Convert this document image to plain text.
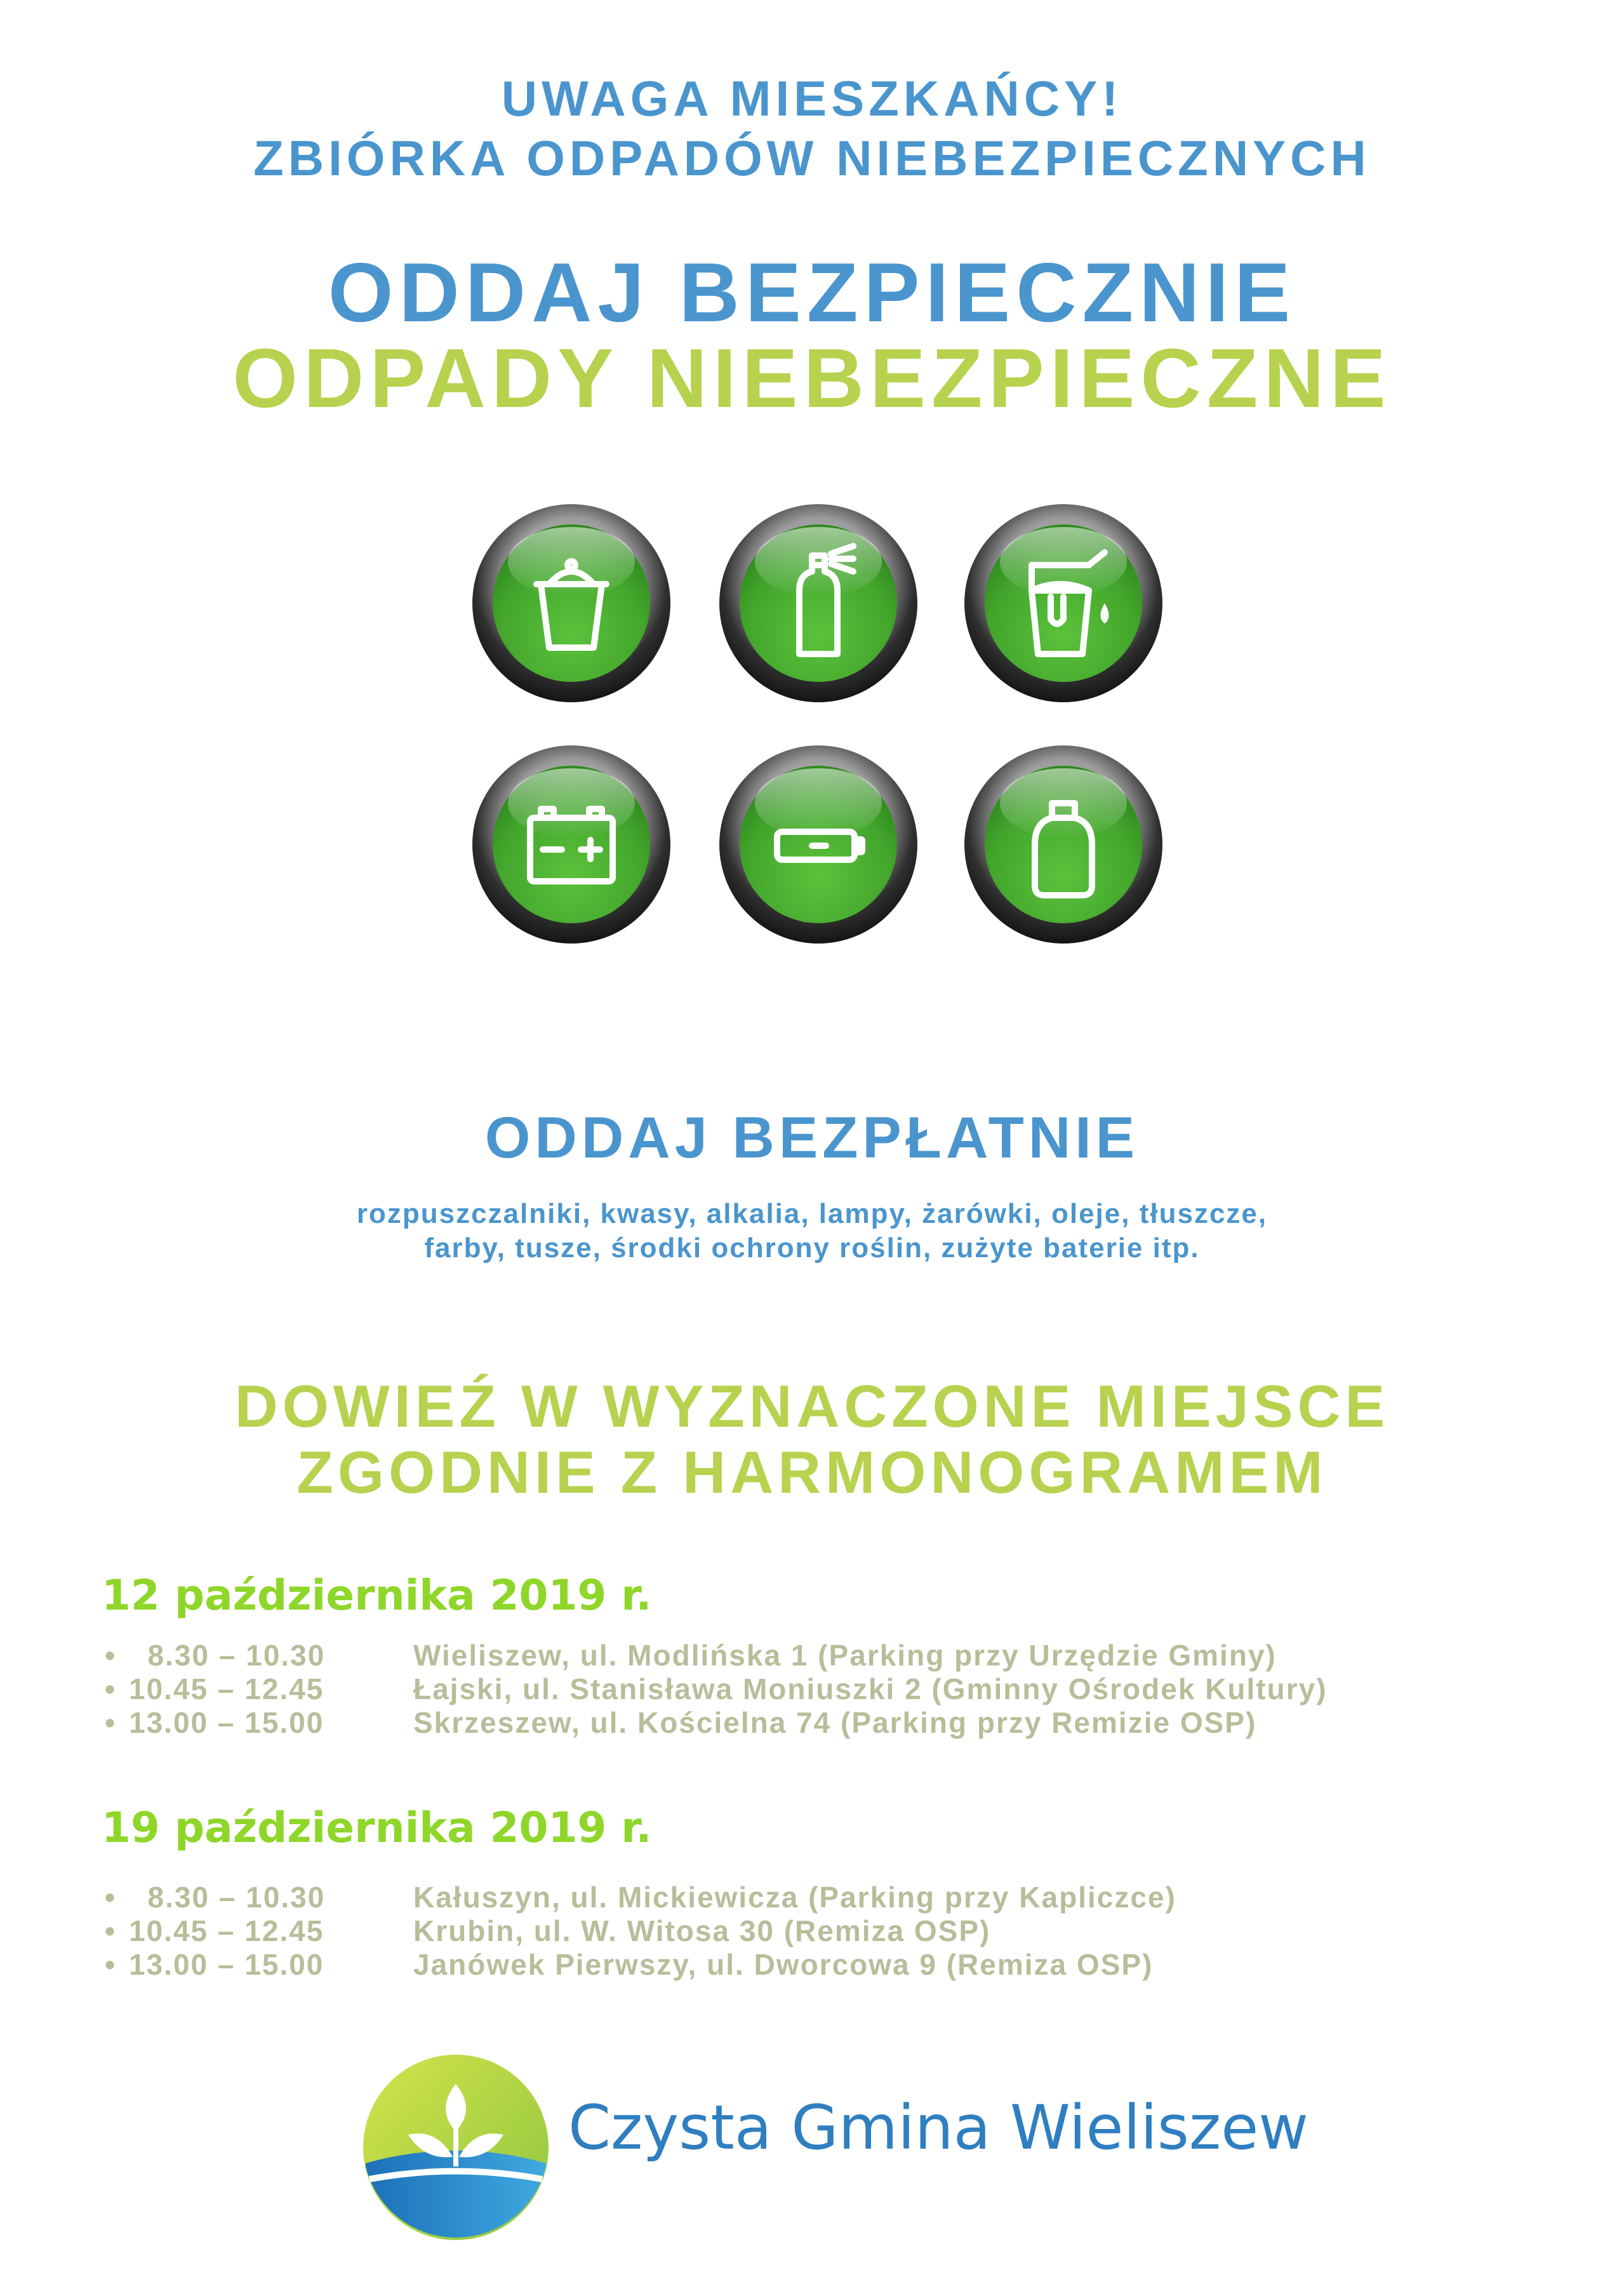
UWAGA MIESZKAŃCY!
ZBIÓRKA ODPADÓW NIEBEZPIECZNYCH
ODDAJ BEZPIECZNIE
ODPADY NIEBEZPIECZNE
ODDAJ BEZPŁATNIE
rozpuszczalniki, kwasy, alkalia, lampy, żarówki, oleje, tłuszcze,
farby, tusze, środki ochrony roślin, zużyte baterie itp.
DOWIEŹ W WYZNACZONE MIEJSCE
ZGODNIE Z HARMONOGRAMEM
12 października 2019 r.
•  8.30 – 10.30	Wieliszew, ul. Modlińska 1 (Parking przy Urzędzie Gminy)
• 10.45 – 12.45	Łajski, ul. Stanisława Moniuszki 2 (Gminny Ośrodek Kultury)
• 13.00 – 15.00	Skrzeszew, ul. Kościelna 74 (Parking przy Remizie OSP)
19 października 2019 r.
•  8.30 – 10.30	Kałuszyn, ul. Mickiewicza (Parking przy Kapliczce)
• 10.45 – 12.45	Krubin, ul. W. Witosa 30 (Remiza OSP)
• 13.00 – 15.00	Janówek Pierwszy, ul. Dworcowa 9 (Remiza OSP)
Czysta Gmina Wieliszew
